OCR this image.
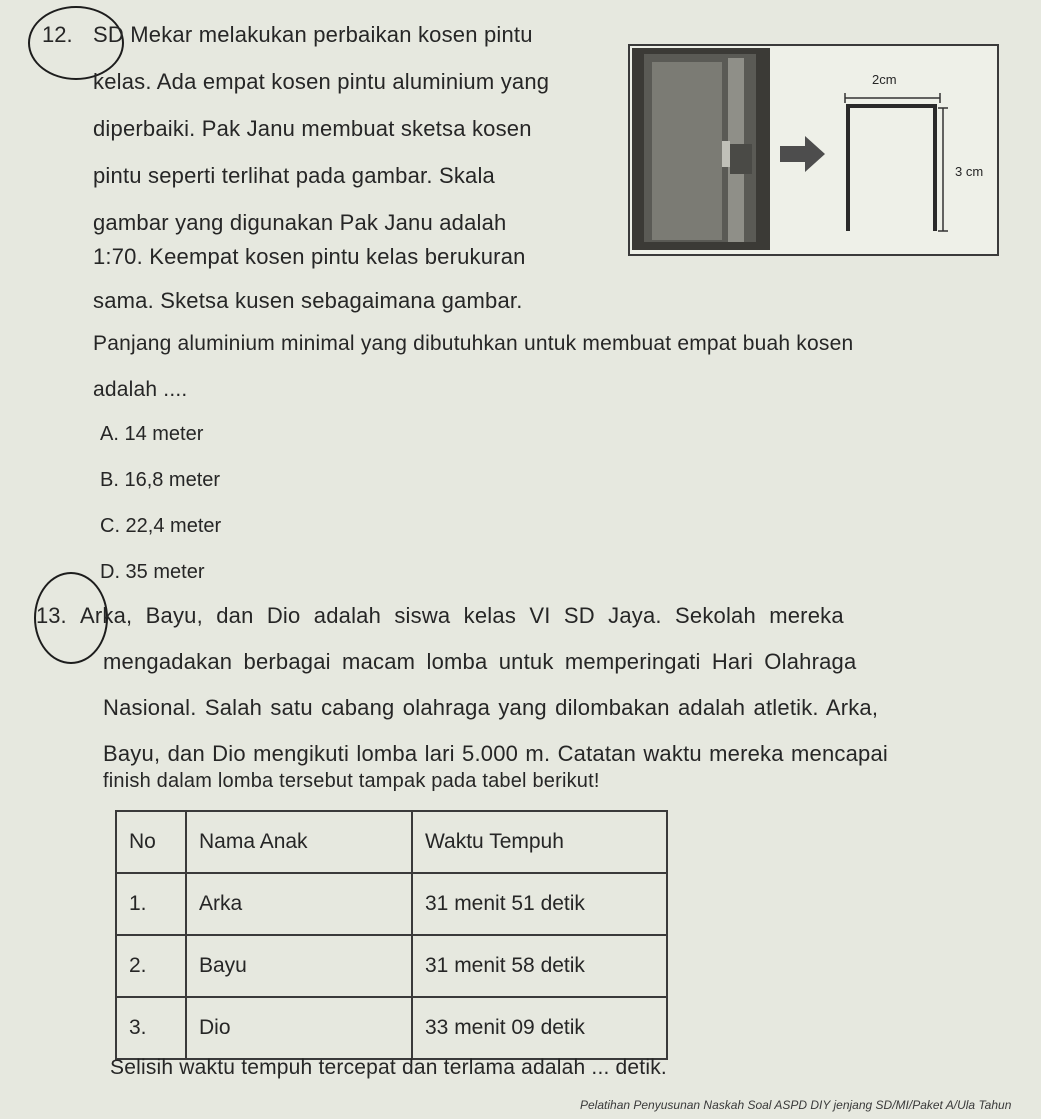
12. SD Mekar melakukan perbaikan kosen pintu
kelas. Ada empat kosen pintu aluminium yang
diperbaiki. Pak Janu membuat sketsa kosen
pintu seperti terlihat pada gambar. Skala
gambar yang digunakan Pak Janu adalah
1:70. Keempat kosen pintu kelas berukuran
sama. Sketsa kusen sebagaimana gambar.
2cm
3 cm
Panjang aluminium minimal yang dibutuhkan untuk membuat empat buah kosen
adalah ....
A. 14 meter
B. 16,8 meter
C. 22,4 meter
D. 35 meter
13. Arka, Bayu, dan Dio adalah siswa kelas VI SD Jaya. Sekolah mereka
mengadakan berbagai macam lomba untuk memperingati Hari Olahraga
Nasional. Salah satu cabang olahraga yang dilombakan adalah atletik. Arka,
Bayu, dan Dio mengikuti lomba lari 5.000 m. Catatan waktu mereka mencapai
finish dalam lomba tersebut tampak pada tabel berikut!
No	Nama Anak	Waktu Tempuh
1.	Arka	31 menit 51 detik
2.	Bayu	31 menit 58 detik
3.	Dio	33 menit 09 detik
Selisih waktu tempuh tercepat dan terlama adalah ... detik.
Pelatihan Penyusunan Naskah Soal ASPD DIY jenjang SD/MI/Paket A/Ula Tahun
